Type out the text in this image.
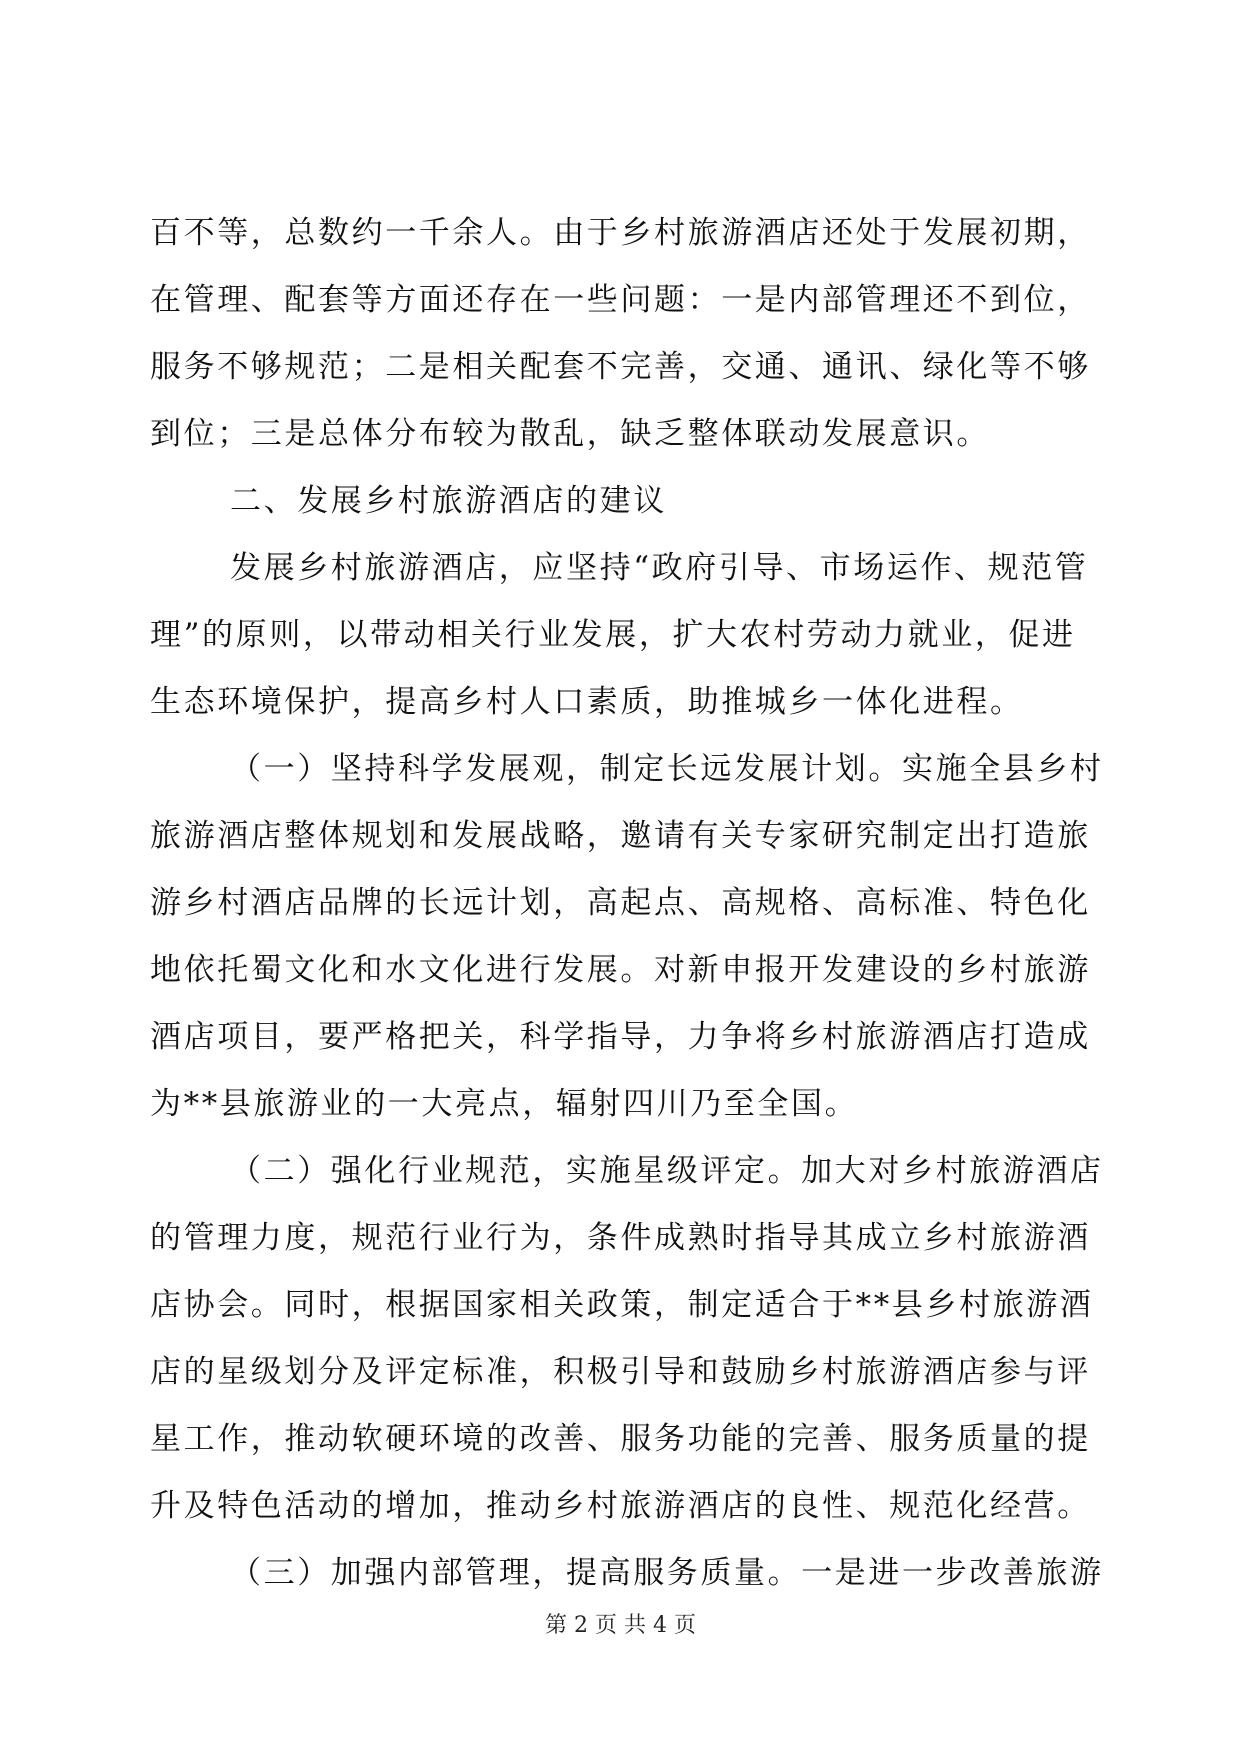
百不等，总数约一千余人。由于乡村旅游酒店还处于发展初期，
在管理、配套等方面还存在一些问题：一是内部管理还不到位，
服务不够规范；二是相关配套不完善，交通、通讯、绿化等不够
到位；三是总体分布较为散乱，缺乏整体联动发展意识。
二、发展乡村旅游酒店的建议
发展乡村旅游酒店，应坚持“政府引导、市场运作、规范管
理”的原则，以带动相关行业发展，扩大农村劳动力就业，促进
生态环境保护，提高乡村人口素质，助推城乡一体化进程。
（一）坚持科学发展观，制定长远发展计划。实施全县乡村
旅游酒店整体规划和发展战略，邀请有关专家研究制定出打造旅
游乡村酒店品牌的长远计划，高起点、高规格、高标准、特色化
地依托蜀文化和水文化进行发展。对新申报开发建设的乡村旅游
酒店项目，要严格把关，科学指导，力争将乡村旅游酒店打造成
为**县旅游业的一大亮点，辐射四川乃至全国。
（二）强化行业规范，实施星级评定。加大对乡村旅游酒店
的管理力度，规范行业行为，条件成熟时指导其成立乡村旅游酒
店协会。同时，根据国家相关政策，制定适合于**县乡村旅游酒
店的星级划分及评定标准，积极引导和鼓励乡村旅游酒店参与评
星工作，推动软硬环境的改善、服务功能的完善、服务质量的提
升及特色活动的增加，推动乡村旅游酒店的良性、规范化经营。
（三）加强内部管理，提高服务质量。一是进一步改善旅游
第 2 页 共 4 页
